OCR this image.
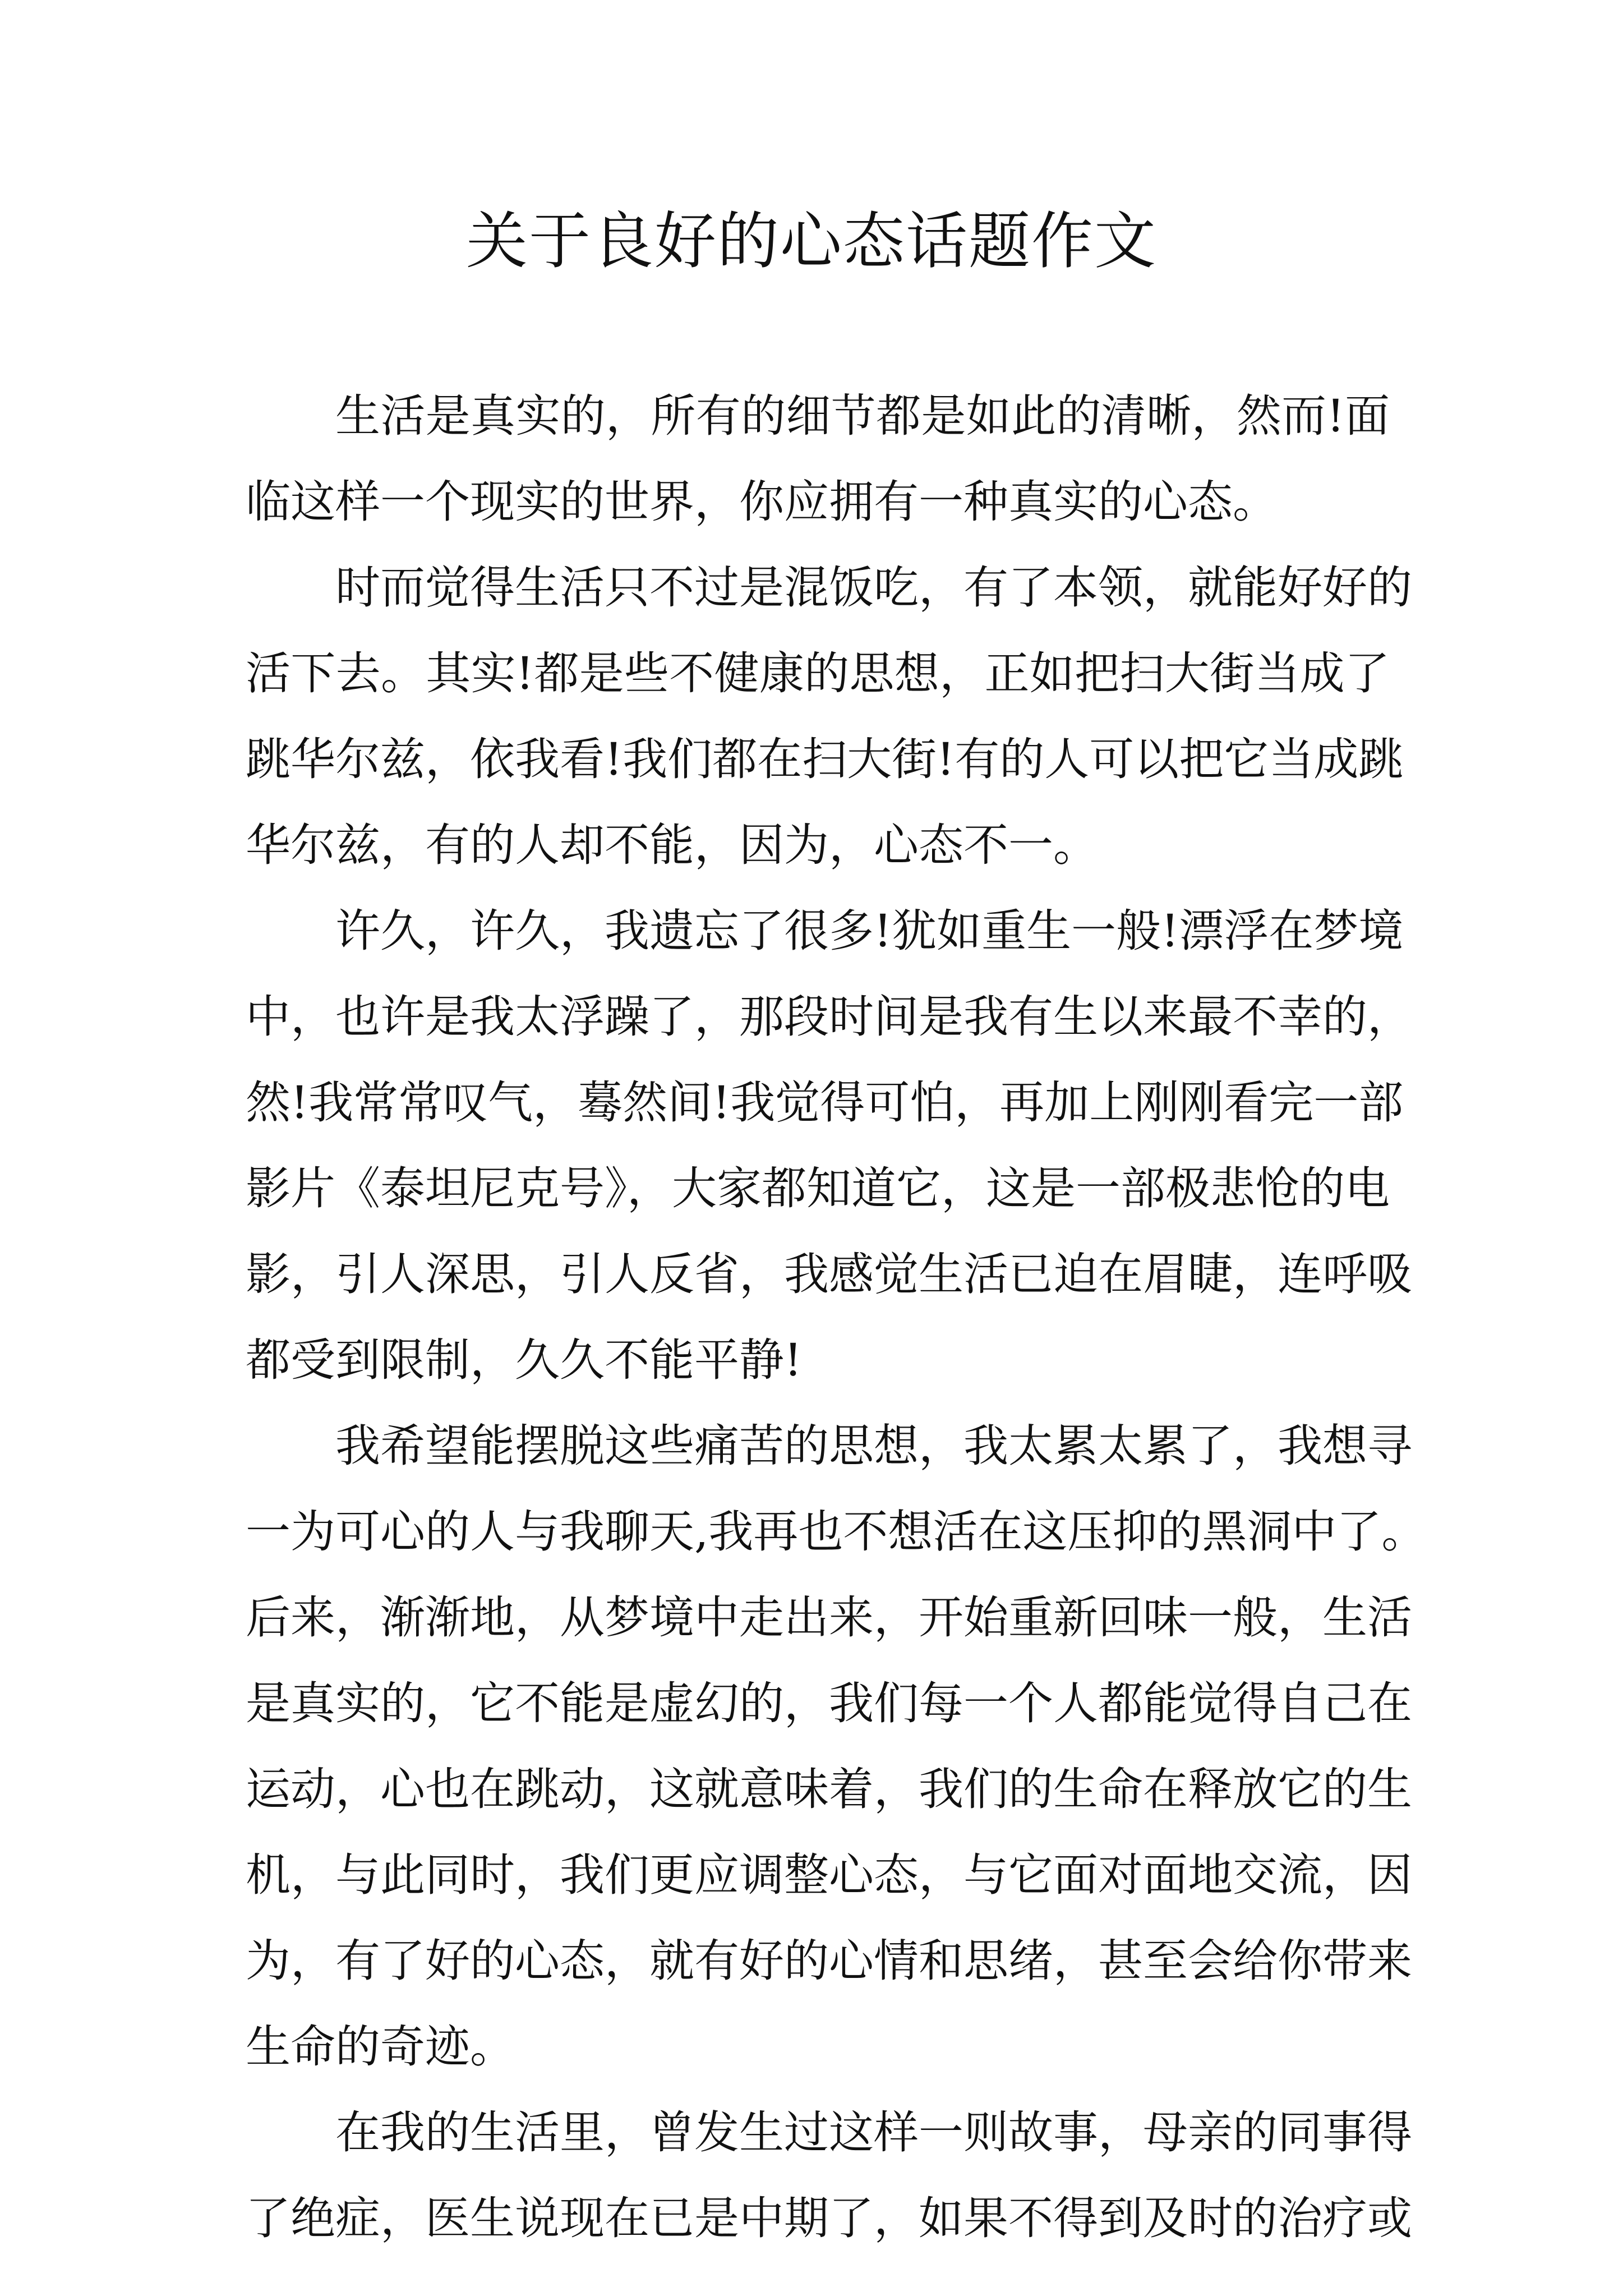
关于良好的心态话题作文
生活是真实的，所有的细节都是如此的清晰，然而!面
临这样一个现实的世界，你应拥有一种真实的心态。
时而觉得生活只不过是混饭吃，有了本领，就能好好的
活下去。其实!都是些不健康的思想，正如把扫大街当成了
跳华尔兹，依我看!我们都在扫大街!有的人可以把它当成跳
华尔兹，有的人却不能，因为，心态不一。
许久，许久，我遗忘了很多!犹如重生一般!漂浮在梦境
中，也许是我太浮躁了，那段时间是我有生以来最不幸的，
然!我常常叹气，蓦然间!我觉得可怕，再加上刚刚看完一部
影片《泰坦尼克号》，大家都知道它，这是一部极悲怆的电
影，引人深思，引人反省，我感觉生活已迫在眉睫，连呼吸
都受到限制，久久不能平静!
我希望能摆脱这些痛苦的思想，我太累太累了，我想寻
一为可心的人与我聊天,我再也不想活在这压抑的黑洞中了。
后来，渐渐地，从梦境中走出来，开始重新回味一般，生活
是真实的，它不能是虚幻的，我们每一个人都能觉得自己在
运动，心也在跳动，这就意味着，我们的生命在释放它的生
机，与此同时，我们更应调整心态，与它面对面地交流，因
为，有了好的心态，就有好的心情和思绪，甚至会给你带来
生命的奇迹。
在我的生活里，曾发生过这样一则故事，母亲的同事得
了绝症，医生说现在已是中期了，如果不得到及时的治疗或
